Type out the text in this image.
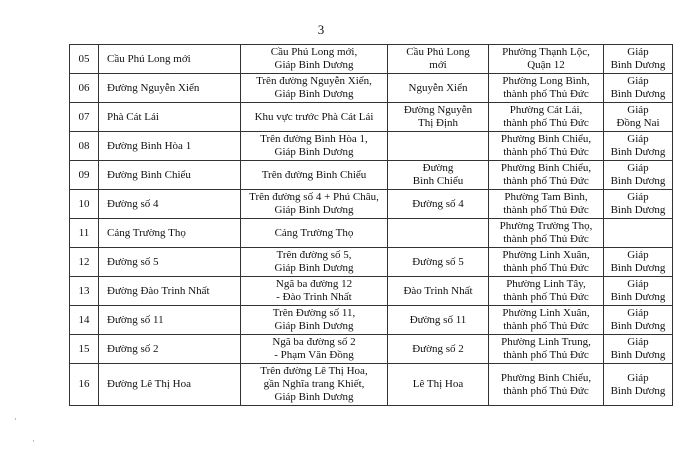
3
05	Cầu Phú Long mới	Cầu Phú Long mới,
Giáp Bình Dương	Cầu Phú Long
mới	Phường Thạnh Lộc,
Quận 12	Giáp
Bình Dương
06	Đường Nguyễn Xiển	Trên đường Nguyễn Xiển,
Giáp Bình Dương	Nguyễn Xiển	Phường Long Bình,
thành phố Thủ Đức	Giáp
Bình Dương
07	Phà Cát Lái	Khu vực trước Phà Cát Lái	Đường Nguyễn
Thị Định	Phường Cát Lái,
thành phố Thủ Đức	Giáp
Đồng Nai
08	Đường Bình Hòa 1	Trên đường Bình Hòa 1,
Giáp Bình Dương		Phường Bình Chiểu,
thành phố Thủ Đức	Giáp
Bình Dương
09	Đường Bình Chiểu	Trên đường Bình Chiểu	Đường
Bình Chiểu	Phường Bình Chiểu,
thành phố Thủ Đức	Giáp
Bình Dương
10	Đường số 4	Trên đường số 4 + Phú Châu,
Giáp Bình Dương	Đường số 4	Phường Tam Bình,
thành phố Thủ Đức	Giáp
Bình Dương
11	Cảng Trường Thọ	Cảng Trường Thọ		Phường Trường Thọ,
thành phố Thủ Đức	
12	Đường số 5	Trên đường số 5,
Giáp Bình Dương	Đường số 5	Phường Linh Xuân,
thành phố Thủ Đức	Giáp
Bình Dương
13	Đường Đào Trinh Nhất	Ngã ba đường 12
- Đào Trinh Nhất	Đào Trinh Nhất	Phường Linh Tây,
thành phố Thủ Đức	Giáp
Bình Dương
14	Đường số 11	Trên Đường số 11,
Giáp Bình Dương	Đường số 11	Phường Linh Xuân,
thành phố Thủ Đức	Giáp
Bình Dương
15	Đường số 2	Ngã ba đường số 2
- Phạm Văn Đồng	Đường số 2	Phường Linh Trung,
thành phố Thủ Đức	Giáp
Bình Dương
16	Đường Lê Thị Hoa	Trên đường Lê Thị Hoa,
gần Nghĩa trang Khiết,
Giáp Bình Dương	Lê Thị Hoa	Phường Bình Chiểu,
thành phố Thủ Đức	Giáp
Bình Dương
·
·
